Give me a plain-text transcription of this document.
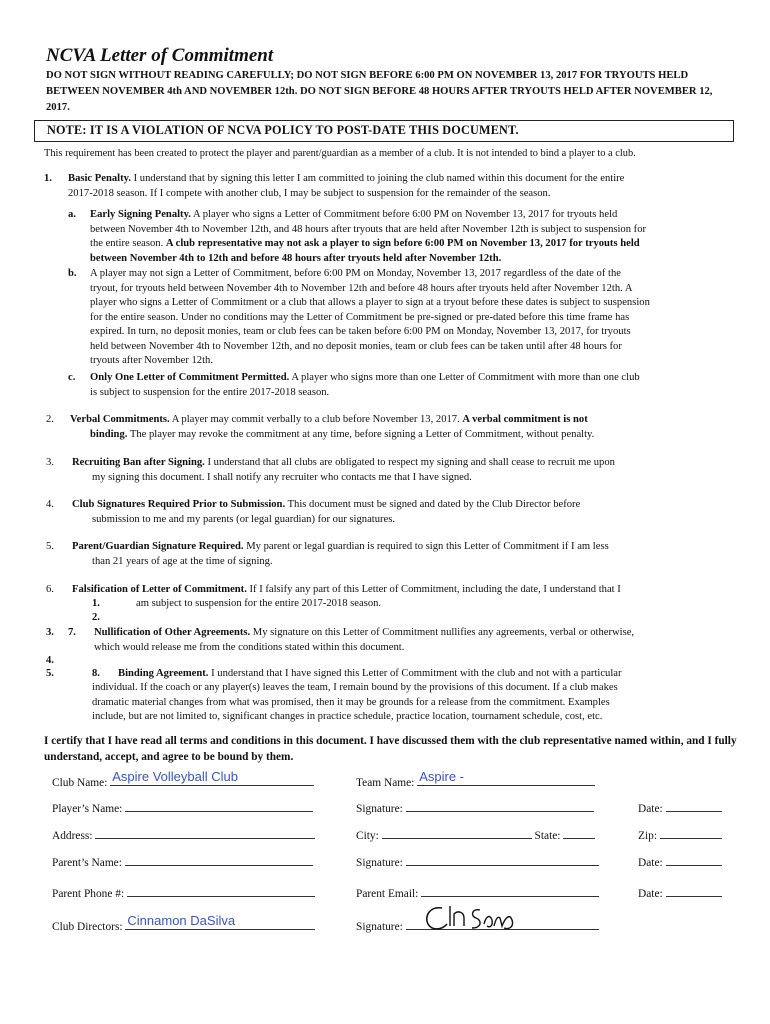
NCVA Letter of Commitment
DO NOT SIGN WITHOUT READING CAREFULLY; DO NOT SIGN BEFORE 6:00 PM ON NOVEMBER 13, 2017 FOR TRYOUTS HELD BETWEEN NOVEMBER 4th AND NOVEMBER 12th. DO NOT SIGN BEFORE 48 HOURS AFTER TRYOUTS HELD AFTER NOVEMBER 12, 2017.
NOTE: IT IS A VIOLATION OF NCVA POLICY TO POST-DATE THIS DOCUMENT.
This requirement has been created to protect the player and parent/guardian as a member of a club. It is not intended to bind a player to a club.
1. Basic Penalty. I understand that by signing this letter I am committed to joining the club named within this document for the entire
2017-2018 season. If I compete with another club, I may be subject to suspension for the remainder of the season.
a. Early Signing Penalty. A player who signs a Letter of Commitment before 6:00 PM on November 13, 2017 for tryouts held
between November 4th to November 12th, and 48 hours after tryouts that are held after November 12th is subject to suspension for
the entire season. A club representative may not ask a player to sign before 6:00 PM on November 13, 2017 for tryouts held
between November 4th to 12th and before 48 hours after tryouts held after November 12th.
b. A player may not sign a Letter of Commitment, before 6:00 PM on Monday, November 13, 2017 regardless of the date of the
tryout, for tryouts held between November 4th to November 12th and before 48 hours after tryouts held after November 12th. A
player who signs a Letter of Commitment or a club that allows a player to sign at a tryout before these dates is subject to suspension
for the entire season. Under no conditions may the Letter of Commitment be pre-signed or pre-dated before this time frame has
expired. In turn, no deposit monies, team or club fees can be taken before 6:00 PM on Monday, November 13, 2017, for tryouts
held between November 4th to November 12th, and no deposit monies, team or club fees can be taken until after 48 hours for
tryouts after November 12th.
c. Only One Letter of Commitment Permitted. A player who signs more than one Letter of Commitment with more than one club
is subject to suspension for the entire 2017-2018 season.
2. Verbal Commitments. A player may commit verbally to a club before November 13, 2017. A verbal commitment is not
binding. The player may revoke the commitment at any time, before signing a Letter of Commitment, without penalty.
3. Recruiting Ban after Signing. I understand that all clubs are obligated to respect my signing and shall cease to recruit me upon
my signing this document. I shall notify any recruiter who contacts me that I have signed.
4. Club Signatures Required Prior to Submission. This document must be signed and dated by the Club Director before
submission to me and my parents (or legal guardian) for our signatures.
5. Parent/Guardian Signature Required. My parent or legal guardian is required to sign this Letter of Commitment if I am less
than 21 years of age at the time of signing.
6. Falsification of Letter of Commitment. If I falsify any part of this Letter of Commitment, including the date, I understand that I
1.	am subject to suspension for the entire 2017-2018 season.
2.
3. 7. Nullification of Other Agreements. My signature on this Letter of Commitment nullifies any agreements, verbal or otherwise,
which would release me from the conditions stated within this document.
4.
5.	8. Binding Agreement. I understand that I have signed this Letter of Commitment with the club and not with a particular
individual. If the coach or any player(s) leaves the team, I remain bound by the provisions of this document. If a club makes
dramatic material changes from what was promised, then it may be grounds for a release from the commitment. Examples
include, but are not limited to, significant changes in practice schedule, practice location, tournament schedule, cost, etc.
I certify that I have read all terms and conditions in this document. I have discussed them with the club representative named within, and I fully understand, accept, and agree to be bound by them.
Club Name: Aspire Volleyball Club	Team Name: Aspire -
Player’s Name:	Signature:	Date:
Address:	City:	State:	Zip:
Parent’s Name:	Signature:	Date:
Parent Phone #:	Parent Email:	Date:
Club Directors: Cinnamon DaSilva	Signature:
